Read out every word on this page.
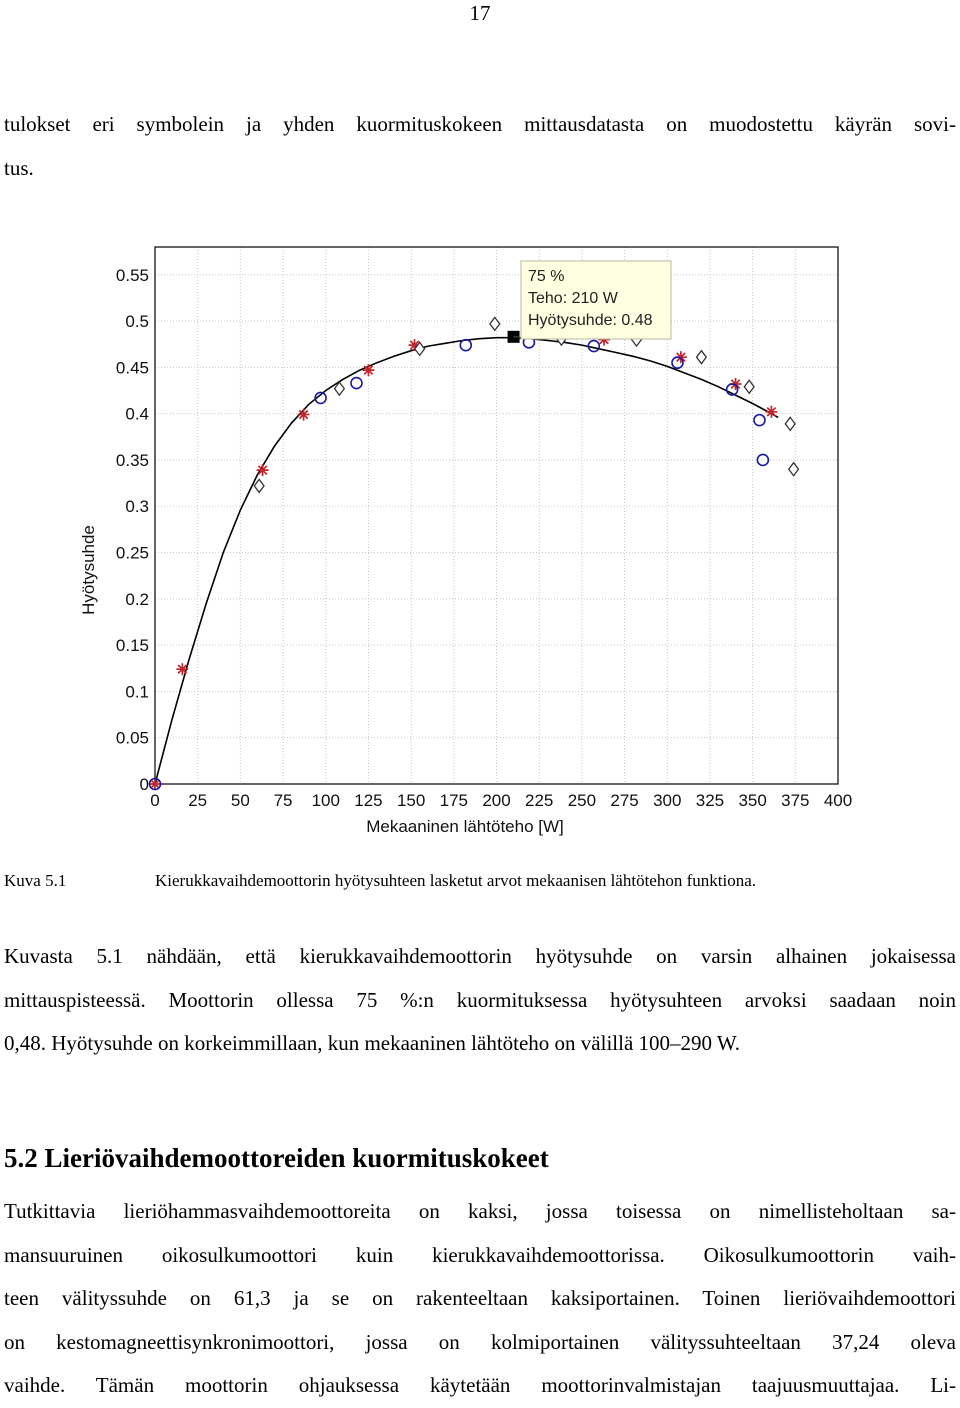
17
tulokset eri symbolein ja yhden kuormituskokeen mittausdatasta on muodostettu käyrän sovi-
tus.
0 25 50 75 100 125 150 175 200 225 250 275 300 325 350 375 400
0
0.05
0.1
0.15
0.2
0.25
0.3
0.35
0.4
0.45
0.5
0.55	75 %
Teho: 210 W
Hyötysuhde: 0.48
Mekaaninen lähtöteho [W]
Hyötysuhde
Kuva 5.1	Kierukkavaihdemoottorin hyötysuhteen lasketut arvot mekaanisen lähtötehon funktiona.
Kuvasta 5.1 nähdään, että kierukkavaihdemoottorin hyötysuhde on varsin alhainen jokaisessa
mittauspisteessä. Moottorin ollessa 75 %:n kuormituksessa hyötysuhteen arvoksi saadaan noin
0,48. Hyötysuhde on korkeimmillaan, kun mekaaninen lähtöteho on välillä 100–290 W.
5.2 Lieriövaihdemoottoreiden kuormituskokeet
Tutkittavia lieriöhammasvaihdemoottoreita on kaksi, jossa toisessa on nimellisteholtaan sa-
mansuuruinen oikosulkumoottori kuin kierukkavaihdemoottorissa. Oikosulkumoottorin vaih-
teen välityssuhde on 61,3 ja se on rakenteeltaan kaksiportainen. Toinen lieriövaihdemoottori
on kestomagneettisynkronimoottori, jossa on kolmiportainen välityssuhteeltaan 37,24 oleva
vaihde. Tämän moottorin ohjauksessa käytetään moottorinvalmistajan taajuusmuuttajaa. Li-
